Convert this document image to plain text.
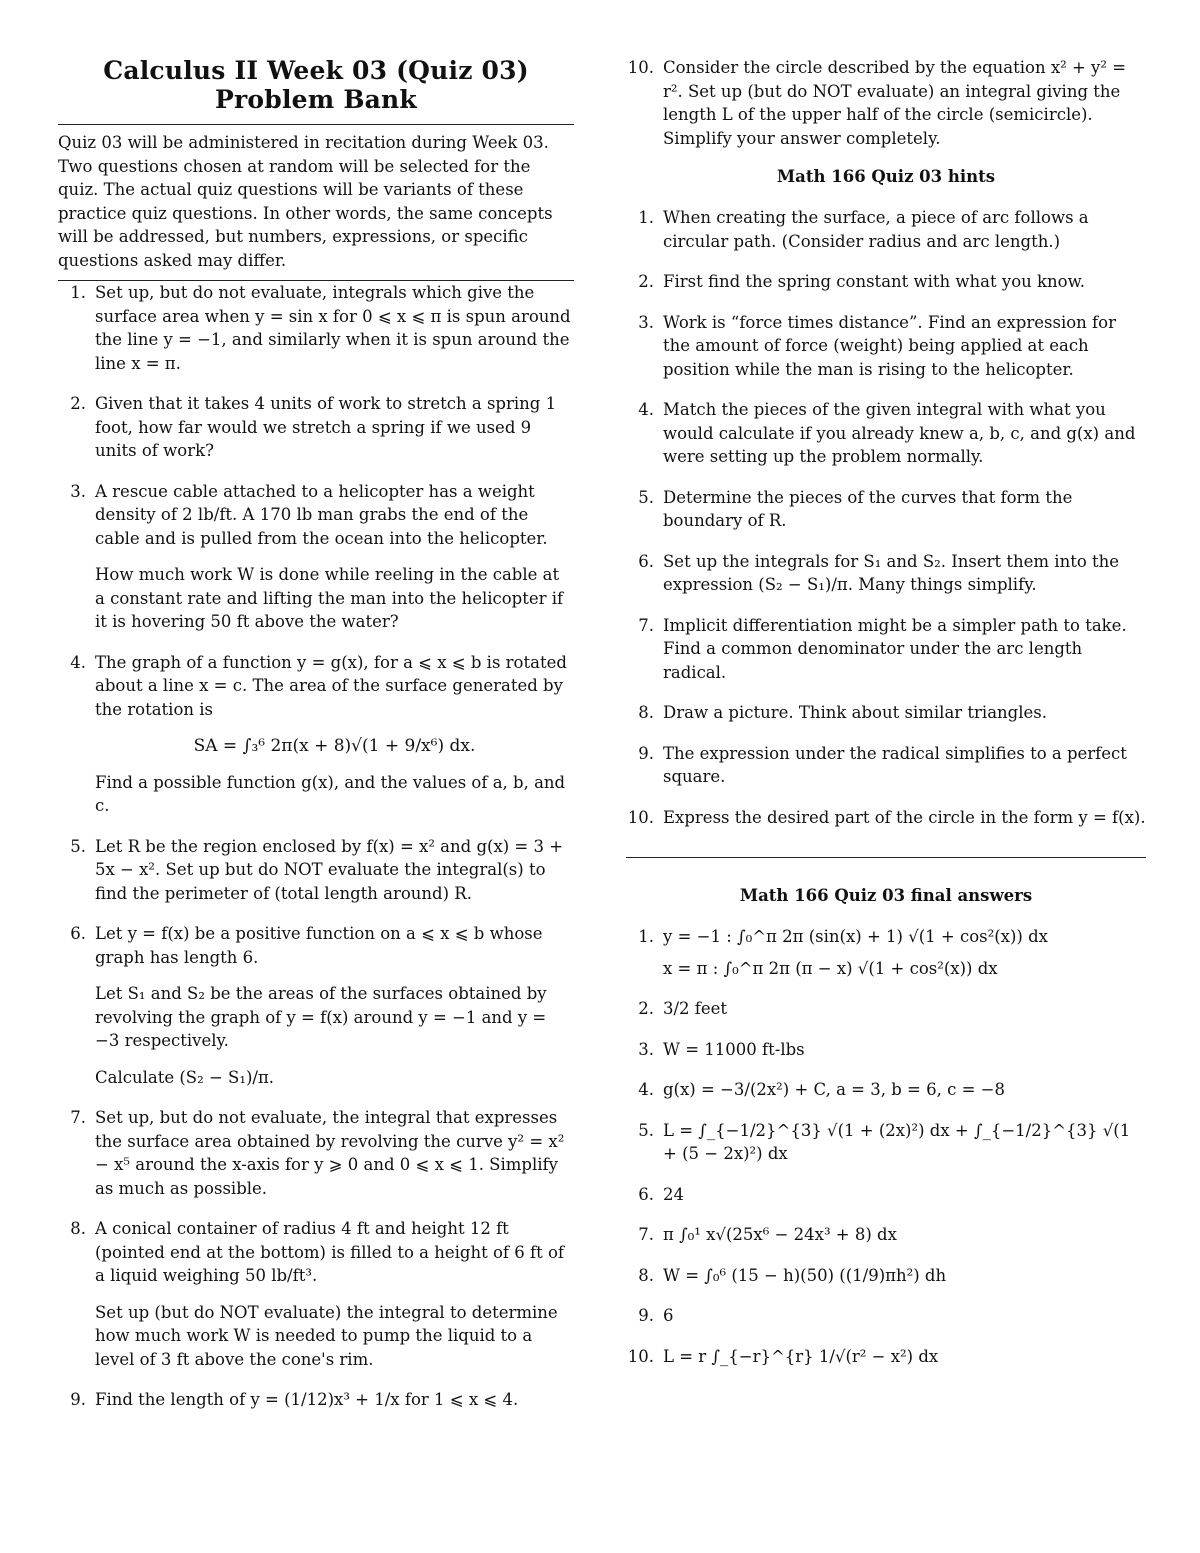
Calculus II Week 03 (Quiz 03) Problem Bank

Quiz 03 will be administered in recitation during Week 03. Two questions chosen at random will be selected for the quiz. The actual quiz questions will be variants of these practice quiz questions. In other words, the same concepts will be addressed, but numbers, expressions, or specific questions asked may differ.

1. Set up, but do not evaluate, integrals which give the surface area when y = sin x for 0 ⩽ x ⩽ π is spun around the line y = −1, and similarly when it is spun around the line x = π.
2. Given that it takes 4 units of work to stretch a spring 1 foot, how far would we stretch a spring if we used 9 units of work?
3. A rescue cable attached to a helicopter has a weight density of 2 lb/ft. A 170 lb man grabs the end of the cable and is pulled from the ocean into the helicopter.
How much work W is done while reeling in the cable at a constant rate and lifting the man into the helicopter if it is hovering 50 ft above the water?
4. The graph of a function y = g(x), for a ⩽ x ⩽ b is rotated about a line x = c. The area of the surface generated by the rotation is
SA = ∫₃⁶ 2π(x + 8)√(1 + 9/x⁶) dx.
Find a possible function g(x), and the values of a, b, and c.
5. Let R be the region enclosed by f(x) = x² and g(x) = 3 + 5x − x². Set up but do NOT evaluate the integral(s) to find the perimeter of (total length around) R.
6. Let y = f(x) be a positive function on a ⩽ x ⩽ b whose graph has length 6.
Let S₁ and S₂ be the areas of the surfaces obtained by revolving the graph of y = f(x) around y = −1 and y = −3 respectively.
Calculate (S₂ − S₁)/π.
7. Set up, but do not evaluate, the integral that expresses the surface area obtained by revolving the curve y² = x² − x⁵ around the x-axis for y ⩾ 0 and 0 ⩽ x ⩽ 1. Simplify as much as possible.
8. A conical container of radius 4 ft and height 12 ft (pointed end at the bottom) is filled to a height of 6 ft of a liquid weighing 50 lb/ft³.
Set up (but do NOT evaluate) the integral to determine how much work W is needed to pump the liquid to a level of 3 ft above the cone's rim.
9. Find the length of y = (1/12)x³ + 1/x for 1 ⩽ x ⩽ 4.
10. Consider the circle described by the equation x² + y² = r². Set up (but do NOT evaluate) an integral giving the length L of the upper half of the circle (semicircle). Simplify your answer completely.
Math 166 Quiz 03 hints
1. When creating the surface, a piece of arc follows a circular path. (Consider radius and arc length.)
2. First find the spring constant with what you know.
3. Work is “force times distance”. Find an expression for the amount of force (weight) being applied at each position while the man is rising to the helicopter.
4. Match the pieces of the given integral with what you would calculate if you already knew a, b, c, and g(x) and were setting up the problem normally.
5. Determine the pieces of the curves that form the boundary of R.
6. Set up the integrals for S₁ and S₂. Insert them into the expression (S₂ − S₁)/π. Many things simplify.
7. Implicit differentiation might be a simpler path to take. Find a common denominator under the arc length radical.
8. Draw a picture. Think about similar triangles.
9. The expression under the radical simplifies to a perfect square.
10. Express the desired part of the circle in the form y = f(x).
Math 166 Quiz 03 final answers
1. y = −1 : ∫₀^π 2π (sin(x) + 1) √(1 + cos²(x)) dx
x = π : ∫₀^π 2π (π − x) √(1 + cos²(x)) dx
2. 3/2 feet
3. W = 11000 ft-lbs
4. g(x) = −3/(2x²) + C, a = 3, b = 6, c = −8
5. L = ∫_{−1/2}^{3} √(1 + (2x)²) dx + ∫_{−1/2}^{3} √(1 + (5 − 2x)²) dx
6. 24
7. π ∫₀¹ x√(25x⁶ − 24x³ + 8) dx
8. W = ∫₀⁶ (15 − h)(50) ((1/9)πh²) dh
9. 6
10. L = r ∫_{−r}^{r} 1/√(r² − x²) dx
